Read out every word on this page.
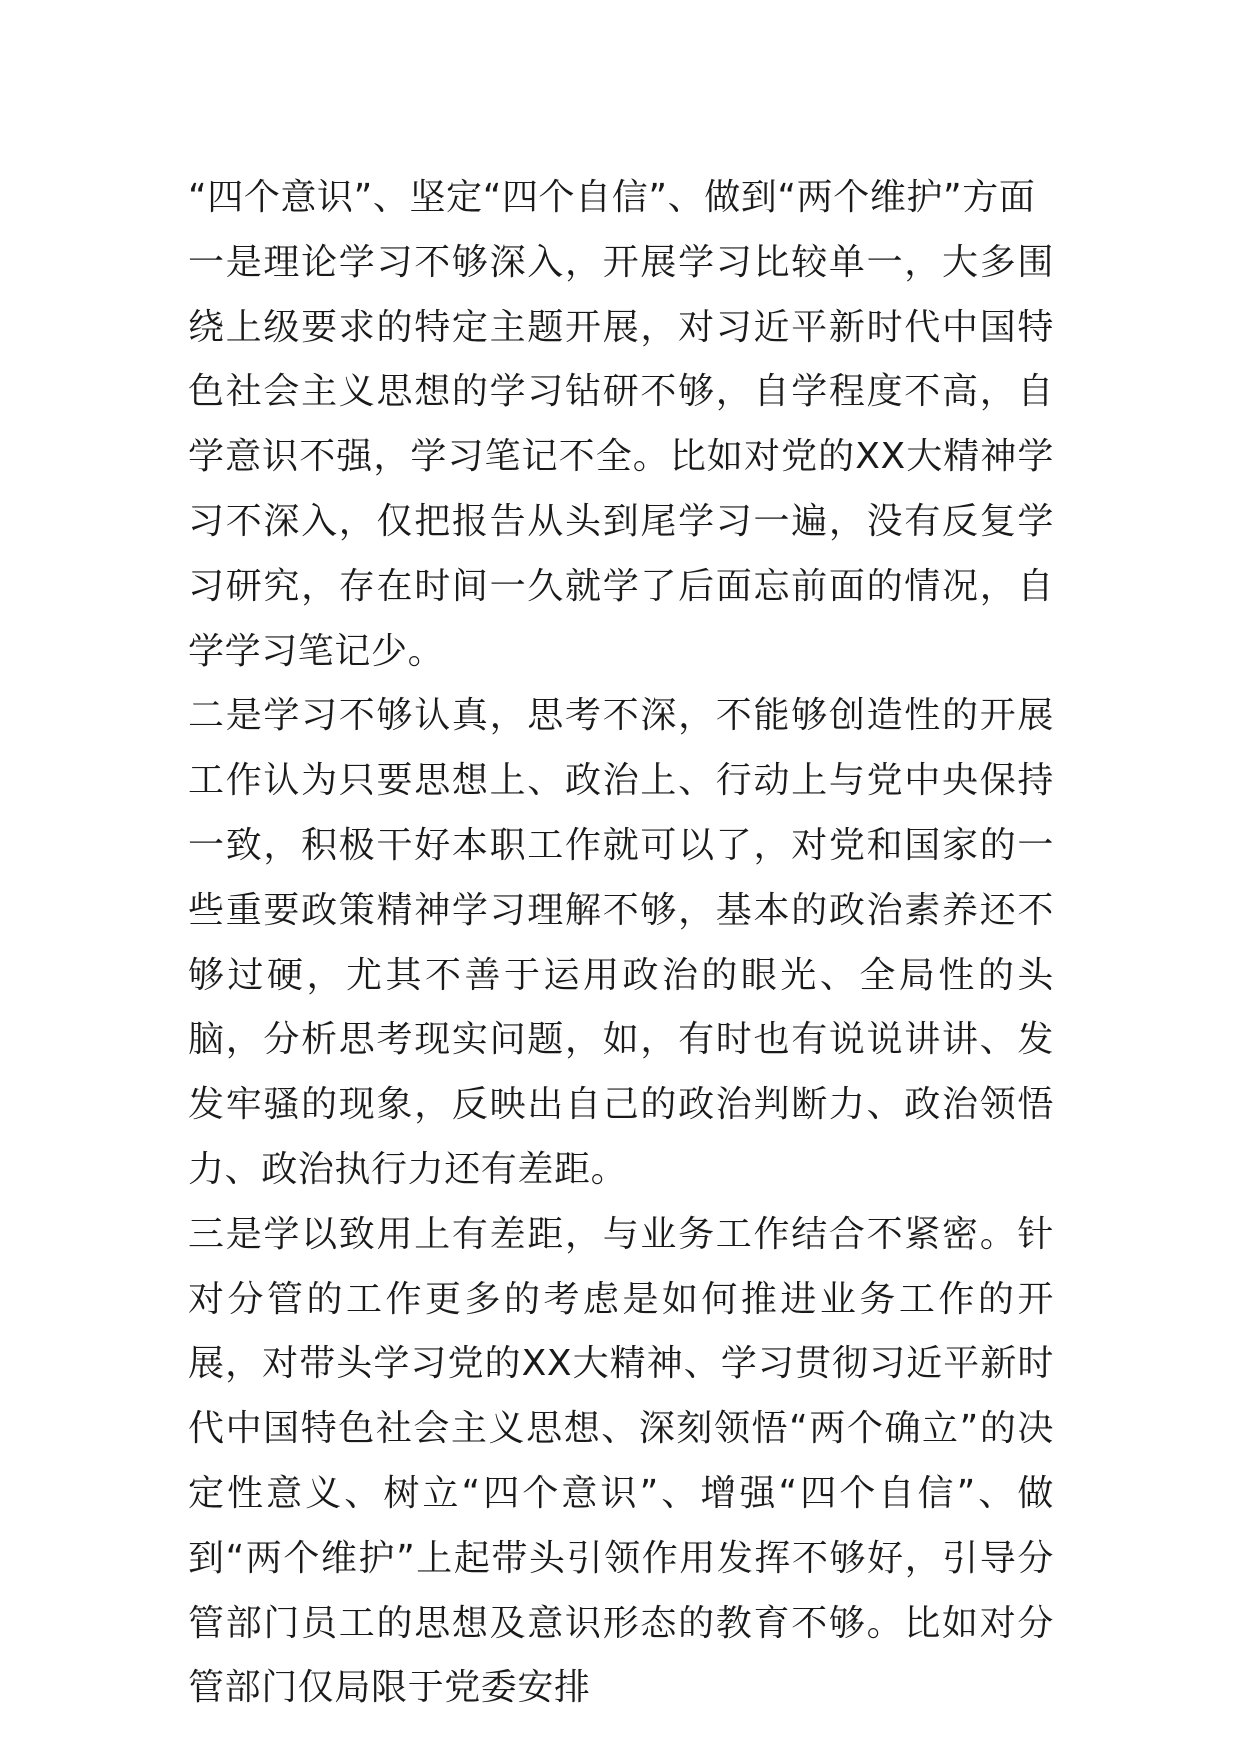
“四个意识”、坚定“四个自信”、做到“两个维护”方面

一是理论学习不够深入，开展学习比较单一，大多围绕上级要求的特定主题开展，对习近平新时代中国特色社会主义思想的学习钻研不够，自学程度不高，自学意识不强，学习笔记不全。比如对党的XX大精神学习不深入，仅把报告从头到尾学习一遍，没有反复学习研究，存在时间一久就学了后面忘前面的情况，自学学习笔记少。

二是学习不够认真，思考不深，不能够创造性的开展工作认为只要思想上、政治上、行动上与党中央保持一致，积极干好本职工作就可以了，对党和国家的一些重要政策精神学习理解不够，基本的政治素养还不够过硬，尤其不善于运用政治的眼光、全局性的头脑，分析思考现实问题，如，有时也有说说讲讲、发发牢骚的现象，反映出自己的政治判断力、政治领悟力、政治执行力还有差距。

三是学以致用上有差距，与业务工作结合不紧密。针对分管的工作更多的考虑是如何推进业务工作的开展，对带头学习党的XX大精神、学习贯彻习近平新时代中国特色社会主义思想、深刻领悟“两个确立”的决定性意义、树立“四个意识”、增强“四个自信”、做到“两个维护”上起带头引领作用发挥不够好，引导分管部门员工的思想及意识形态的教育不够。比如对分管部门仅局限于党委安排
